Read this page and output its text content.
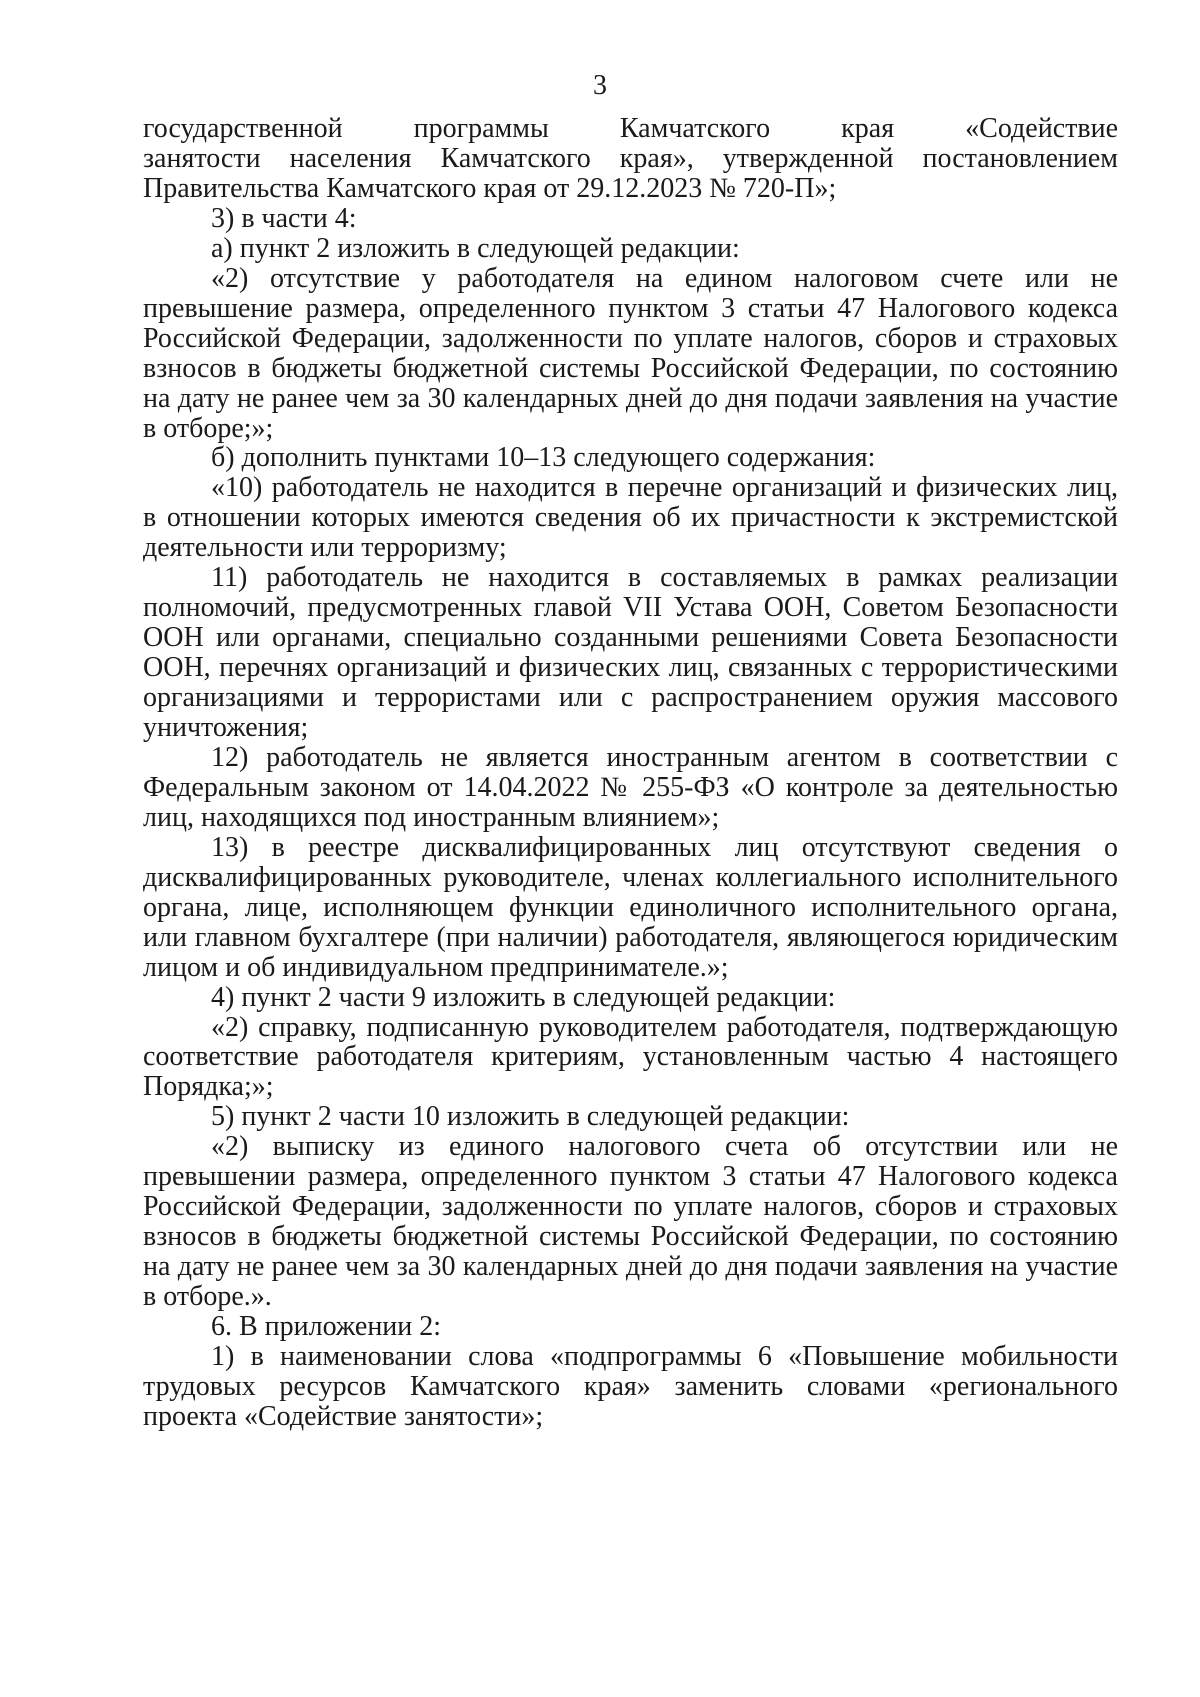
3
государственной программы Камчатского края «Содействие
занятости населения Камчатского края», утвержденной постановлением
Правительства Камчатского края от 29.12.2023 № 720-П»;
3) в части 4:
а) пункт 2 изложить в следующей редакции:
«2) отсутствие у работодателя на едином налоговом счете или не
превышение размера, определенного пунктом 3 статьи 47 Налогового кодекса
Российской Федерации, задолженности по уплате налогов, сборов и страховых
взносов в бюджеты бюджетной системы Российской Федерации, по состоянию
на дату не ранее чем за 30 календарных дней до дня подачи заявления на участие
в отборе;»;
б) дополнить пунктами 10–13 следующего содержания:
«10) работодатель не находится в перечне организаций и физических лиц,
в отношении которых имеются сведения об их причастности к экстремистской
деятельности или терроризму;
11) работодатель не находится в составляемых в рамках реализации
полномочий, предусмотренных главой VII Устава ООН, Советом Безопасности
ООН или органами, специально созданными решениями Совета Безопасности
ООН, перечнях организаций и физических лиц, связанных с террористическими
организациями и террористами или с распространением оружия массового
уничтожения;
12) работодатель не является иностранным агентом в соответствии с
Федеральным законом от 14.04.2022 № 255-ФЗ «О контроле за деятельностью
лиц, находящихся под иностранным влиянием»;
13) в реестре дисквалифицированных лиц отсутствуют сведения о
дисквалифицированных руководителе, членах коллегиального исполнительного
органа, лице, исполняющем функции единоличного исполнительного органа,
или главном бухгалтере (при наличии) работодателя, являющегося юридическим
лицом и об индивидуальном предпринимателе.»;
4) пункт 2 части 9 изложить в следующей редакции:
«2) справку, подписанную руководителем работодателя, подтверждающую
соответствие работодателя критериям, установленным частью 4 настоящего
Порядка;»;
5) пункт 2 части 10 изложить в следующей редакции:
«2) выписку из единого налогового счета об отсутствии или не
превышении размера, определенного пунктом 3 статьи 47 Налогового кодекса
Российской Федерации, задолженности по уплате налогов, сборов и страховых
взносов в бюджеты бюджетной системы Российской Федерации, по состоянию
на дату не ранее чем за 30 календарных дней до дня подачи заявления на участие
в отборе.».
6. В приложении 2:
1) в наименовании слова «подпрограммы 6 «Повышение мобильности
трудовых ресурсов Камчатского края» заменить словами «регионального
проекта «Содействие занятости»;
